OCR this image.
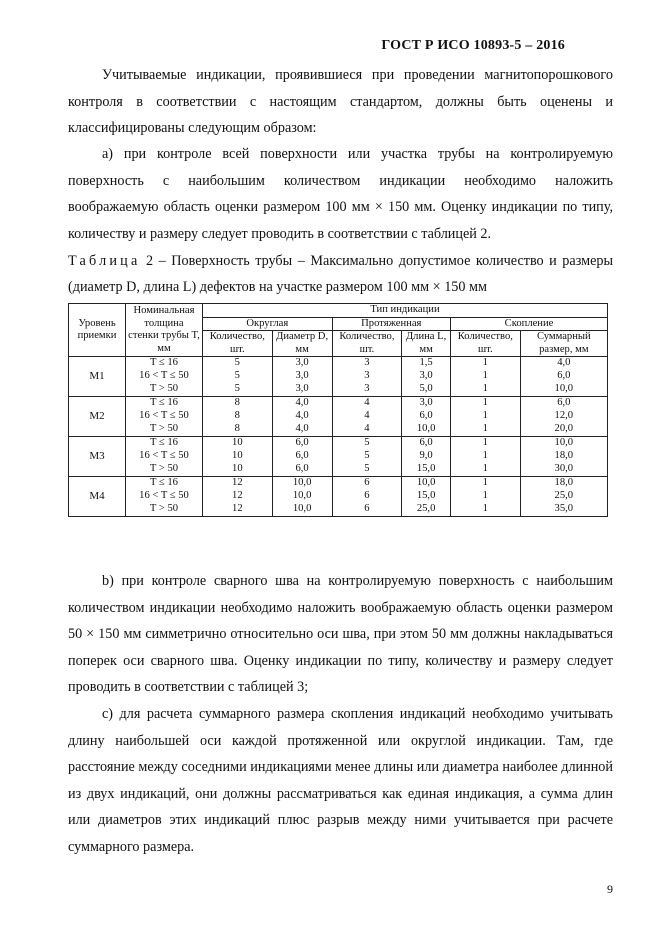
ГОСТ Р ИСО 10893-5 – 2016

Учитываемые индикации, проявившиеся при проведении магнитопорошкового контроля в соответствии с настоящим стандартом, должны быть оценены и классифицированы следующим образом:

а) при контроле всей поверхности или участка трубы на контролируемую поверхность с наибольшим количеством индикации необходимо наложить воображаемую область оценки размером 100 мм × 150 мм. Оценку индикации по типу, количеству и размеру следует проводить в соответствии с таблицей 2.

Таблица 2 – Поверхность трубы – Максимально допустимое количество и размеры (диаметр D, длина L) дефектов на участке размером 100 мм × 150 мм

Уровень приемки	Номинальная толщина стенки трубы T, мм	Тип индикации					
		Округлая		Протяженная		Скопление	
		Количество, шт.	Диаметр D, мм	Количество, шт.	Длина L, мм	Количество, шт.	Суммарный размер, мм
M1	T ≤ 16	5	3,0	3	1,5	1	4,0
	16 < T ≤ 50	5	3,0	3	3,0	1	6,0
	T > 50	5	3,0	3	5,0	1	10,0
M2	T ≤ 16	8	4,0	4	3,0	1	6,0
	16 < T ≤ 50	8	4,0	4	6,0	1	12,0
	T > 50	8	4,0	4	10,0	1	20,0
M3	T ≤ 16	10	6,0	5	6,0	1	10,0
	16 < T ≤ 50	10	6,0	5	9,0	1	18,0
	T > 50	10	6,0	5	15,0	1	30,0
M4	T ≤ 16	12	10,0	6	10,0	1	18,0
	16 < T ≤ 50	12	10,0	6	15,0	1	25,0
	T > 50	12	10,0	6	25,0	1	35,0

b) при контроле сварного шва на контролируемую поверхность с наибольшим количеством индикации необходимо наложить воображаемую область оценки размером 50 × 150 мм симметрично относительно оси шва, при этом 50 мм должны накладываться поперек оси сварного шва. Оценку индикации по типу, количеству и размеру следует проводить в соответствии с таблицей 3;

с) для расчета суммарного размера скопления индикаций необходимо учитывать длину наибольшей оси каждой протяженной или округлой индикации. Там, где расстояние между соседними индикациями менее длины или диаметра наиболее длинной из двух индикаций, они должны рассматриваться как единая индикация, а сумма длин или диаметров этих индикаций плюс разрыв между ними учитывается при расчете суммарного размера.

9
